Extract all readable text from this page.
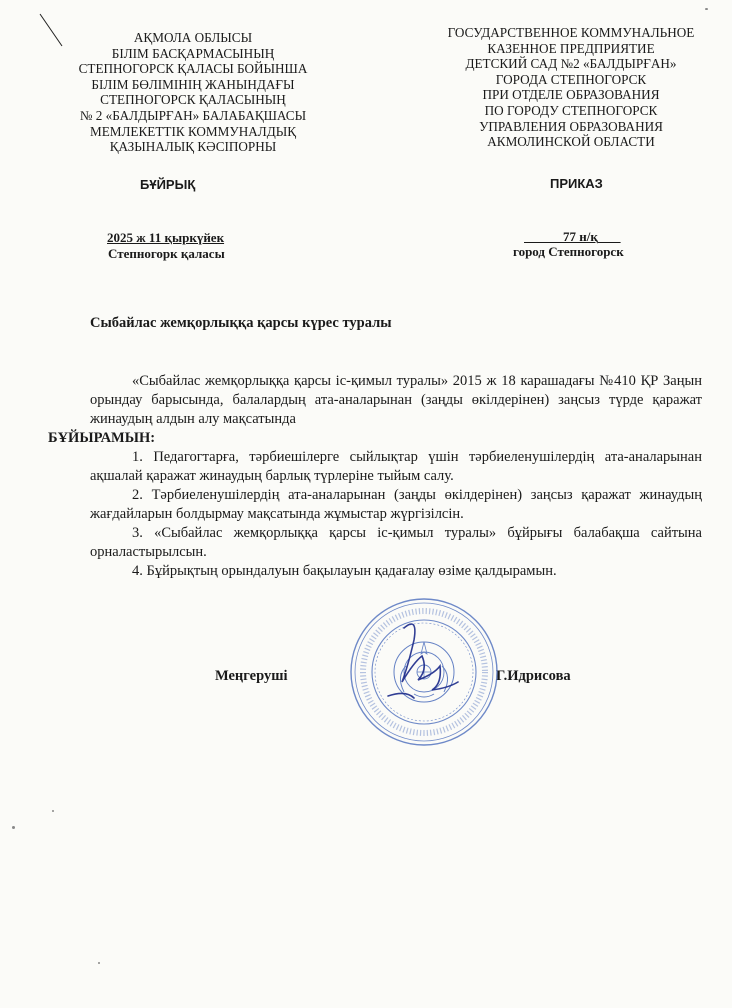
АҚМОЛА ОБЛЫСЫ
БІЛІМ БАСҚАРМАСЫНЫҢ
СТЕПНОГОРСК ҚАЛАСЫ БОЙЫНША
БІЛІМ БӨЛІМІНІҢ ЖАНЫНДАҒЫ
СТЕПНОГОРСК ҚАЛАСЫНЫҢ
№ 2 «БАЛДЫРҒАН» БАЛАБАҚШАСЫ
МЕМЛЕКЕТТІК КОММУНАЛДЫҚ
ҚАЗЫНАЛЫҚ КӘСІПОРНЫ
ГОСУДАРСТВЕННОЕ КОММУНАЛЬНОЕ
КАЗЕННОЕ ПРЕДПРИЯТИЕ
ДЕТСКИЙ САД №2 «БАЛДЫРҒАН»
ГОРОДА СТЕПНОГОРСК
ПРИ ОТДЕЛЕ ОБРАЗОВАНИЯ
ПО ГОРОДУ СТЕПНОГОРСК
УПРАВЛЕНИЯ ОБРАЗОВАНИЯ
АКМОЛИНСКОЙ ОБЛАСТИ
БҰЙРЫҚ	ПРИКАЗ
2025 ж 11 қыркүйек
Степногорк қаласы
77 н/қ
город Степногорск
Сыбайлас жемқорлыққа қарсы күрес туралы

«Сыбайлас жемқорлыққа қарсы іс-қимыл туралы» 2015 ж 18 карашадағы №410 ҚР Заңын орындау барысында, балалардың ата-аналарынан (заңды өкілдерінен) заңсыз түрде қаражат жинаудың алдын алу мақсатында
БҰЙЫРАМЫН:

1. Педагогтарға, тәрбиешілерге сыйлықтар үшін тәрбиеленушілердің ата-аналарынан ақшалай қаражат жинаудың барлық түрлеріне тыйым салу.

2. Тәрбиеленушілердің ата-аналарынан (заңды өкілдерінен) заңсыз қаражат жинаудың жағдайларын болдырмау мақсатында жұмыстар жүргізілсін.

3. «Сыбайлас жемқорлыққа қарсы іс-қимыл туралы» бұйрығы балабақша сайтына орналастырылсын.

4. Бұйрықтың орындалуын бақылауын қадағалау өзіме қалдырамын.

Меңгеруші	Г.Идрисова
